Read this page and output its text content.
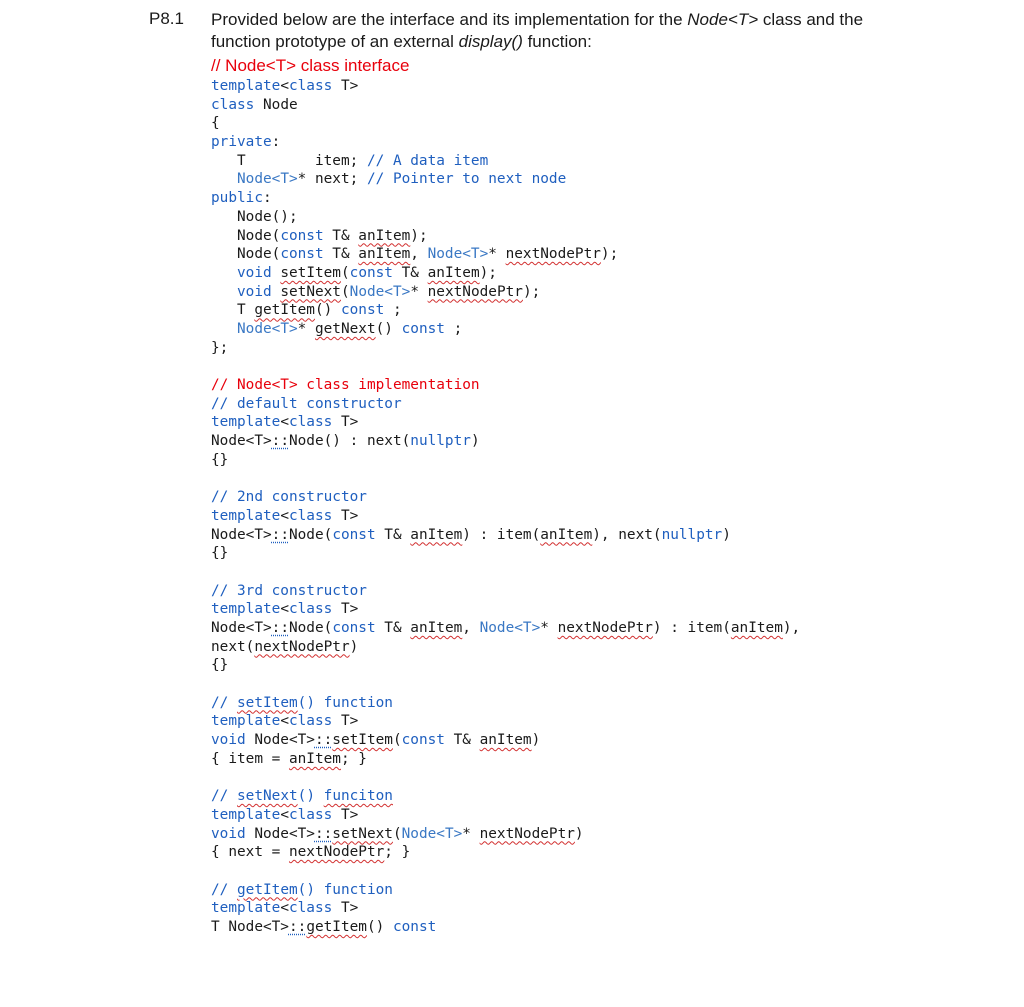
P8.1 Provided below are the interface and its implementation for the Node<T> class and the function prototype of an external display() function:
// Node<T> class interface
template<class T>
class Node
{
private:
T        item; // A data item
Node<T>* next; // Pointer to next node
public:
Node();
Node(const T& anItem);
Node(const T& anItem, Node<T>* nextNodePtr);
void setItem(const T& anItem);
void setNext(Node<T>* nextNodePtr);
T getItem() const ;
Node<T>* getNext() const ;
};

// Node<T> class implementation
// default constructor
template<class T>
Node<T>::Node() : next(nullptr)
{}

// 2nd constructor
template<class T>
Node<T>::Node(const T& anItem) : item(anItem), next(nullptr)
{}

// 3rd constructor
template<class T>
Node<T>::Node(const T& anItem, Node<T>* nextNodePtr) : item(anItem),
next(nextNodePtr)
{}

// setItem() function
template<class T>
void Node<T>::setItem(const T& anItem)
{ item = anItem; }

// setNext() funciton
template<class T>
void Node<T>::setNext(Node<T>* nextNodePtr)
{ next = nextNodePtr; }

// getItem() function
template<class T>
T Node<T>::getItem() const
